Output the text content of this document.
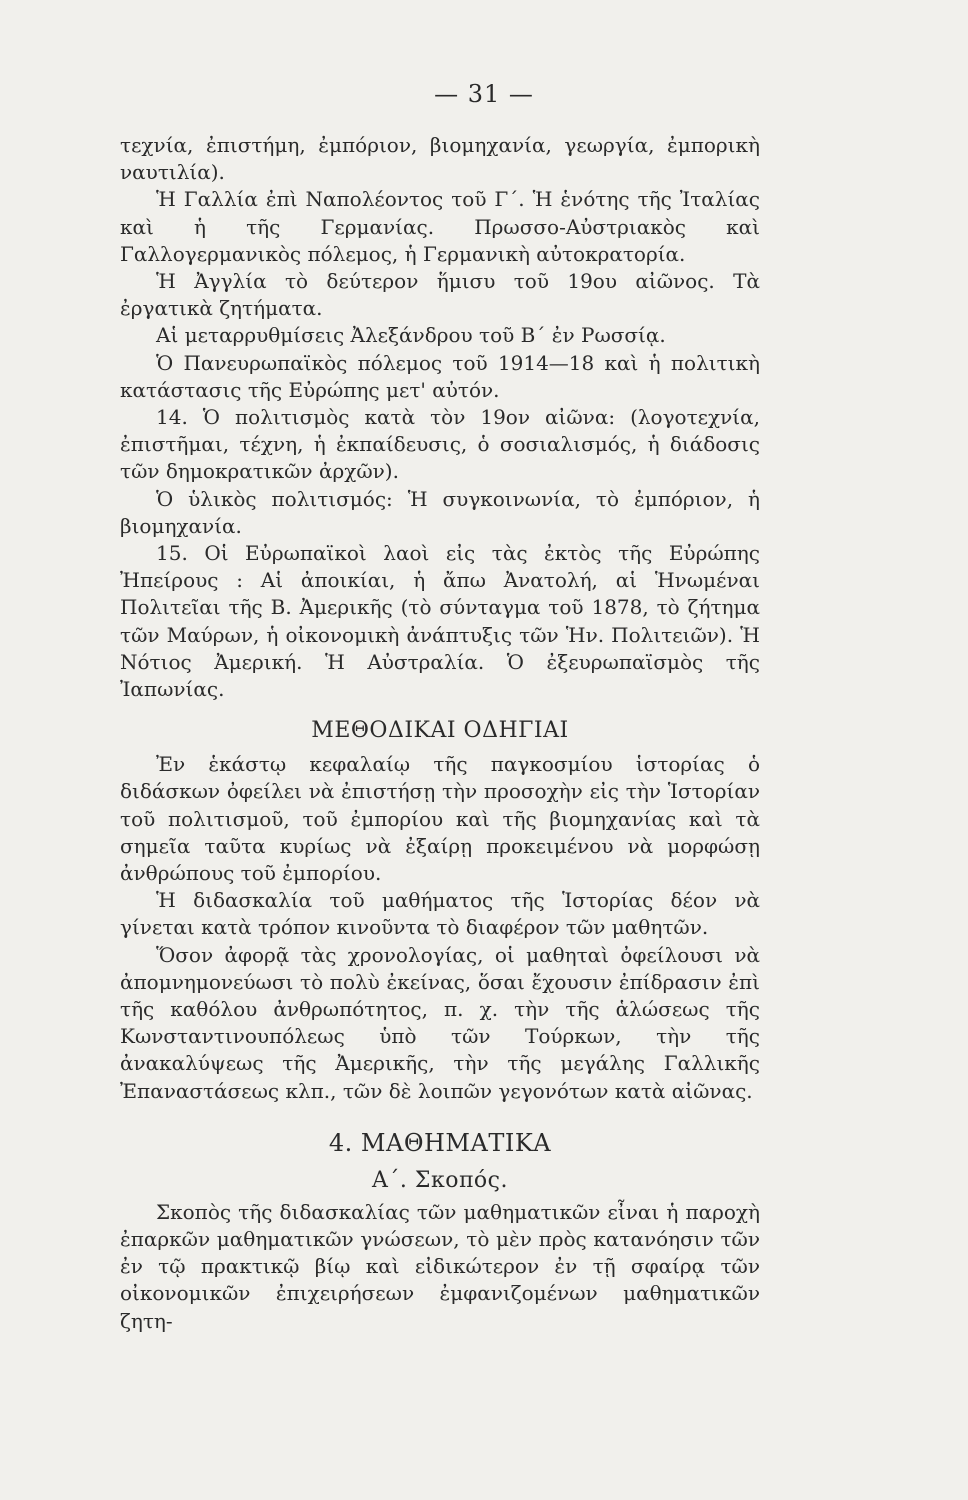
— 31 —

τεχνία, ἐπιστήμη, ἐμπόριον, βιομηχανία, γεωργία, ἐμπορικὴ ναυτιλία).

Ἡ Γαλλία ἐπὶ Ναπολέοντος τοῦ Γ΄. Ἡ ἑνότης τῆς Ἰταλίας καὶ ἡ τῆς Γερμανίας. Πρωσσο-Αὐστριακὸς καὶ Γαλλογερμανικὸς πόλεμος, ἡ Γερμανικὴ αὐτοκρατορία.

Ἡ Ἀγγλία τὸ δεύτερον ἥμισυ τοῦ 19ου αἰῶνος. Τὰ ἐργατικὰ ζητήματα.

Αἱ μεταρρυθμίσεις Ἀλεξάνδρου τοῦ Β΄ ἐν Ρωσσίᾳ.

Ὁ Πανευρωπαϊκὸς πόλεμος τοῦ 1914—18 καὶ ἡ πολιτικὴ κατάστασις τῆς Εὐρώπης μετ' αὐτόν.

14. Ὁ πολιτισμὸς κατὰ τὸν 19ον αἰῶνα: (λογοτεχνία, ἐπιστῆμαι, τέχνη, ἡ ἐκπαίδευσις, ὁ σοσιαλισμός, ἡ διάδοσις τῶν δημοκρατικῶν ἀρχῶν).

Ὁ ὑλικὸς πολιτισμός: Ἡ συγκοινωνία, τὸ ἐμπόριον, ἡ βιομηχανία.

15. Οἱ Εὐρωπαϊκοὶ λαοὶ εἰς τὰς ἐκτὸς τῆς Εὐρώπης Ἠπείρους : Αἱ ἀποικίαι, ἡ ἄπω Ἀνατολή, αἱ Ἡνωμέναι Πολιτεῖαι τῆς Β. Ἀμερικῆς (τὸ σύνταγμα τοῦ 1878, τὸ ζήτημα τῶν Μαύρων, ἡ οἰκονομικὴ ἀνάπτυξις τῶν Ἡν. Πολιτειῶν). Ἡ Νότιος Ἀμερική. Ἡ Αὐστραλία. Ὁ ἐξευρωπαϊσμὸς τῆς Ἰαπωνίας.

ΜΕΘΟΔΙΚΑΙ ΟΔΗΓΙΑΙ

Ἐν ἑκάστῳ κεφαλαίῳ τῆς παγκοσμίου ἱστορίας ὁ διδάσκων ὀφείλει νὰ ἐπιστήσῃ τὴν προσοχὴν εἰς τὴν Ἱστορίαν τοῦ πολιτισμοῦ, τοῦ ἐμπορίου καὶ τῆς βιομηχανίας καὶ τὰ σημεῖα ταῦτα κυρίως νὰ ἐξαίρῃ προκειμένου νὰ μορφώσῃ ἀνθρώπους τοῦ ἐμπορίου.

Ἡ διδασκαλία τοῦ μαθήματος τῆς Ἱστορίας δέον νὰ γίνεται κατὰ τρόπον κινοῦντα τὸ διαφέρον τῶν μαθητῶν.

Ὅσον ἀφορᾷ τὰς χρονολογίας, οἱ μαθηταὶ ὀφείλουσι νὰ ἀπομνημονεύωσι τὸ πολὺ ἐκείνας, ὅσαι ἔχουσιν ἐπίδρασιν ἐπὶ τῆς καθόλου ἀνθρωπότητος, π. χ. τὴν τῆς ἁλώσεως τῆς Κωνσταντινουπόλεως ὑπὸ τῶν Τούρκων, τὴν τῆς ἀνακαλύψεως τῆς Ἀμερικῆς, τὴν τῆς μεγάλης Γαλλικῆς Ἐπαναστάσεως κλπ., τῶν δὲ λοιπῶν γεγονότων κατὰ αἰῶνας.

4. ΜΑΘΗΜΑΤΙΚΑ
Α΄. Σκοπός.

Σκοπὸς τῆς διδασκαλίας τῶν μαθηματικῶν εἶναι ἡ παροχὴ ἐπαρκῶν μαθηματικῶν γνώσεων, τὸ μὲν πρὸς κατανόησιν τῶν ἐν τῷ πρακτικῷ βίῳ καὶ εἰδικώτερον ἐν τῇ σφαίρᾳ τῶν οἰκονομικῶν ἐπιχειρήσεων ἐμφανιζομένων μαθηματικῶν ζητη-
